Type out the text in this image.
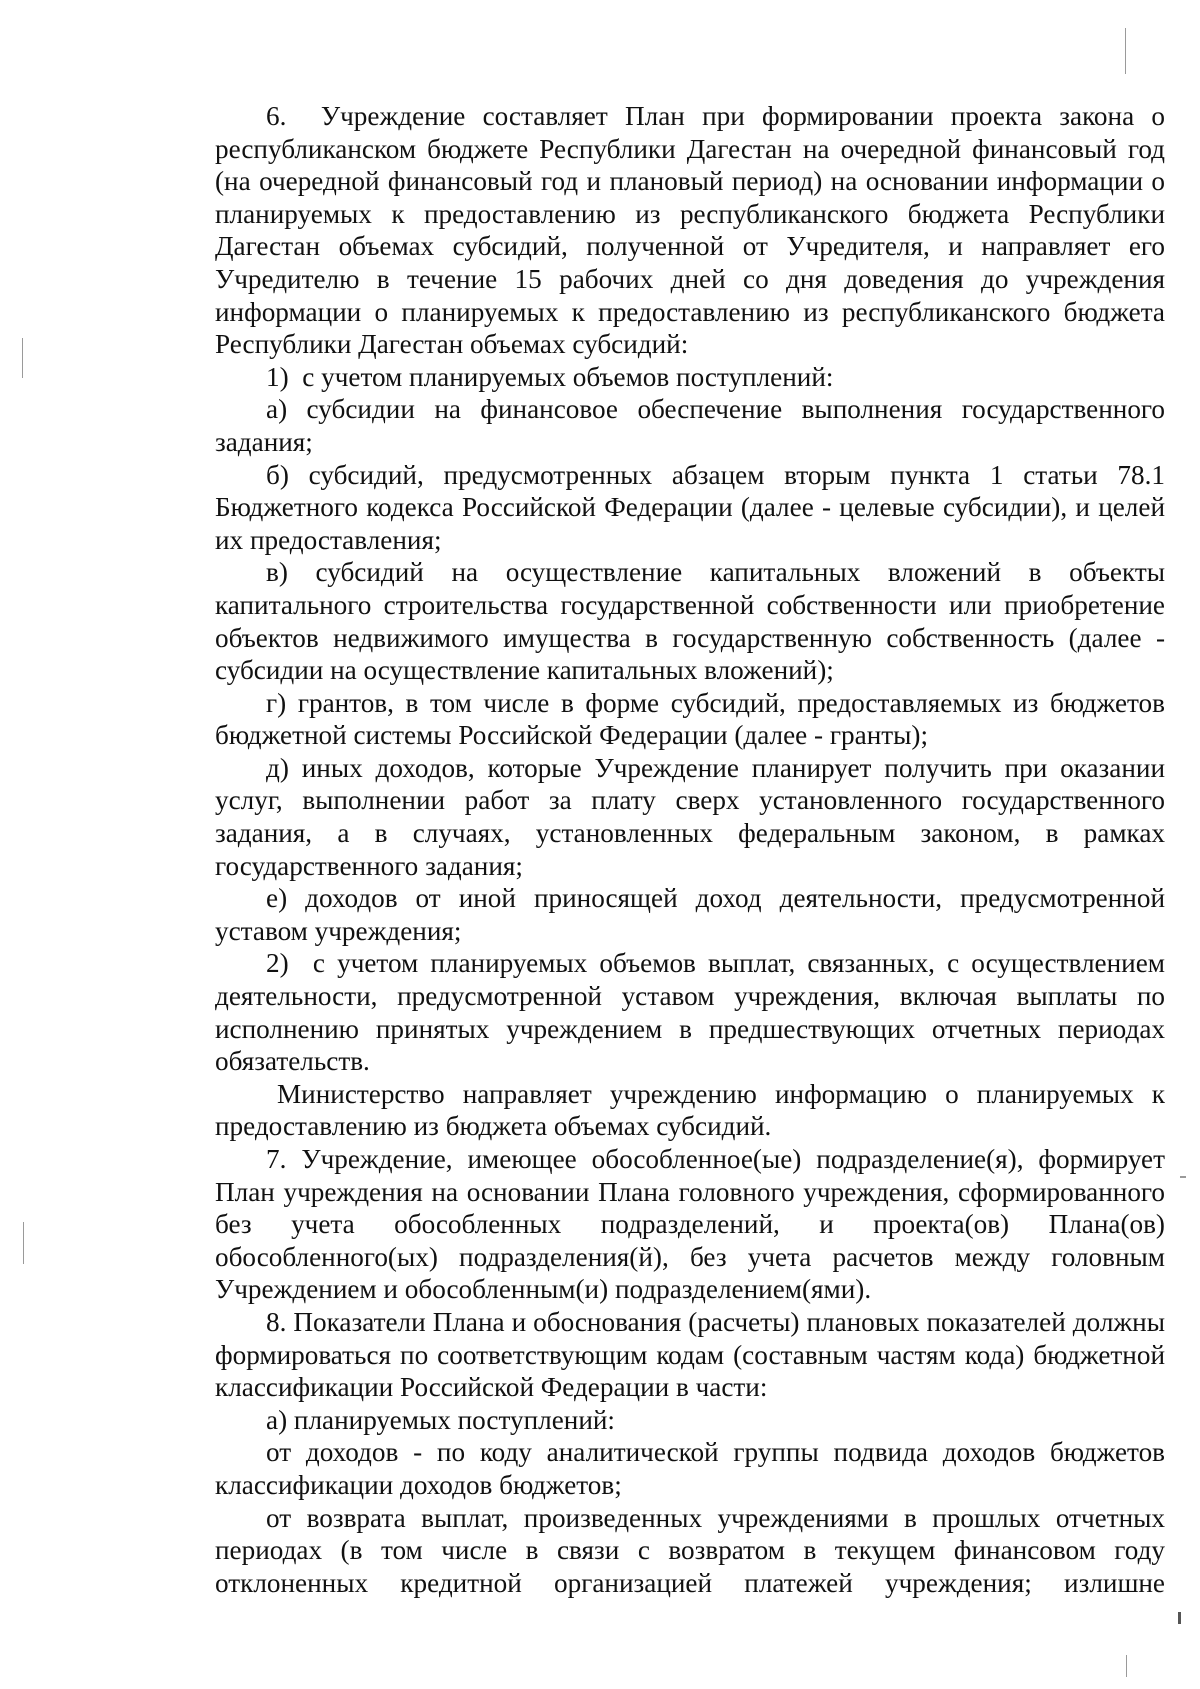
6.  Учреждение составляет План при формировании проекта закона о республиканском бюджете Республики Дагестан на очередной финансовый год (на очередной финансовый год и плановый период) на основании информации о планируемых к предоставлению из республиканского бюджета Республики Дагестан объемах субсидий, полученной от Учредителя, и направляет его Учредителю в течение 15 рабочих дней со дня доведения до учреждения информации о планируемых к предоставлению из республиканского бюджета Республики Дагестан объемах субсидий:

1)  с учетом планируемых объемов поступлений:

а) субсидии на финансовое обеспечение выполнения государственного задания;

б) субсидий, предусмотренных абзацем вторым пункта 1 статьи 78.1 Бюджетного кодекса Российской Федерации (далее - целевые субсидии), и целей их предоставления;

в) субсидий на осуществление капитальных вложений в объекты капитального строительства государственной собственности или приобретение объектов недвижимого имущества в государственную собственность (далее - субсидии на осуществление капитальных вложений);

г) грантов, в том числе в форме субсидий, предоставляемых из бюджетов бюджетной системы Российской Федерации (далее - гранты);

д) иных доходов, которые Учреждение планирует получить при оказании услуг, выполнении работ за плату сверх установленного государственного задания, а в случаях, установленных федеральным законом, в рамках государственного задания;

е) доходов от иной приносящей доход деятельности, предусмотренной уставом учреждения;

2)  с учетом планируемых объемов выплат, связанных, с осуществлением деятельности, предусмотренной уставом учреждения, включая выплаты по исполнению принятых учреждением в предшествующих отчетных периодах обязательств.

Министерство направляет учреждению информацию о планируемых к предоставлению из бюджета объемах субсидий.

7. Учреждение, имеющее обособленное(ые) подразделение(я), формирует План учреждения на основании Плана головного учреждения, сформированного без учета обособленных подразделений, и проекта(ов) Плана(ов) обособленного(ых) подразделения(й), без учета расчетов между головным Учреждением и обособленным(и) подразделением(ями).

8. Показатели Плана и обоснования (расчеты) плановых показателей должны формироваться по соответствующим кодам (составным частям кода) бюджетной классификации Российской Федерации в части:

а) планируемых поступлений:

от доходов - по коду аналитической группы подвида доходов бюджетов классификации доходов бюджетов;

от возврата выплат, произведенных учреждениями в прошлых отчетных периодах (в том числе в связи с возвратом в текущем финансовом году отклоненных кредитной организацией платежей учреждения; излишне
